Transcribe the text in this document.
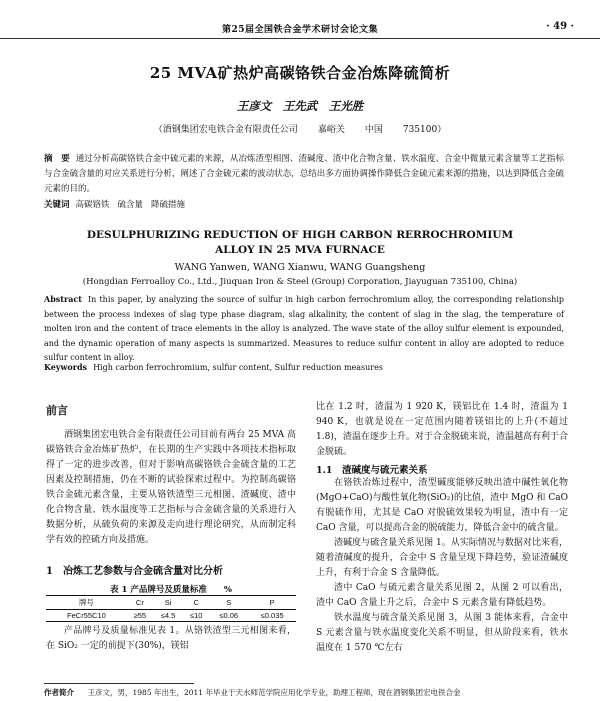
第25届全国铁合金学术研讨会论文集	· 49 ·
25 MVA矿热炉高碳铬铁合金冶炼降硫简析
王彦文　王先武　王光胜
（酒钢集团宏电铁合金有限责任公司 嘉峪关 中国 735100）
摘　要 通过分析高碳铬铁合金中硫元素的来源，从冶炼渣型相图、渣碱度、渣中化合物含量、铁水温度、合金中微量元素含量等工艺指标与合金硫含量的对应关系进行分析，阐述了合金硫元素的波动状态，总结出多方面协调操作降低合金硫元素来源的措施，以达到降低合金硫元素的目的。
关键词 高碳铬铁 硫含量 降硫措施
DESULPHURIZING REDUCTION OF HIGH CARBON RERROCHROMIUM
ALLOY IN 25 MVA FURNACE
WANG Yanwen, WANG Xianwu, WANG Guangsheng
(Hongdian Ferroalloy Co., Ltd., Jiuquan Iron & Steel (Group) Corporation, Jiayuguan 735100, China)
Abstract In this paper, by analyzing the source of sulfur in high carbon ferrochromium alloy, the corresponding relationship between the process indexes of slag type phase diagram, slag alkalinity, the content of slag in the slag, the temperature of molten iron and the content of trace elements in the alloy is analyzed. The wave state of the alloy sulfur element is expounded, and the dynamic operation of many aspects is summarized. Measures to reduce sulfur content in alloy are adopted to reduce sulfur content in alloy.
Keywords High carbon ferrochromium, sulfur content, Sulfur reduction measures
前言
酒钢集团宏电铁合金有限责任公司目前有两台 25 MVA 高碳铬铁合金冶炼矿热炉，在长期的生产实践中各项技术指标取得了一定的进步改善，但对于影响高碳铬铁合金硫含量的工艺因素及控制措施，仍在不断的试验探索过程中。为控制高碳铬铁合金硫元素含量，主要从铬铁渣型三元相图、渣碱度、渣中化合物含量、铁水温度等工艺指标与合金硫含量的关系进行入数据分析，从硫负荷的来源及走向进行理论研究，从而制定科学有效的控硫方向及措施。
1　冶炼工艺参数与合金硫含量对比分析
表 1 产品牌号及质量标准　　%
牌号	Cr	Si	C	S	P
FeCr55C10	≥55	≤4.5	≤10	≤0.06	≤0.035
产品牌号及质量标准见表 1。从铬铁渣型三元相图来看，在 SiO₂ 一定的前提下(30%)，镁铝
比在 1.2 时，渣温为 1 920 K，镁铝比在 1.4 时，渣温为 1 940 K，也就是说在一定范围内随着镁铝比的上升(不超过 1.8)，渣温在逐步上升。对于合金脱硫来说，渣温越高有利于合金脱硫。
1.1　渣碱度与硫元素关系
在铬铁冶炼过程中，渣型碱度能够反映出渣中碱性氧化物(MgO+CaO)与酸性氧化物(SiO₂)的比值，渣中 MgO 和 CaO 有脱硫作用，尤其是 CaO 对脱硫效果较为明显，渣中有一定 CaO 含量，可以提高合金的脱硫能力，降低合金中的硫含量。
渣碱度与硫含量关系见图 1。从实际情况与数据对比来看，随着渣碱度的提升，合金中 S 含量呈现下降趋势，验证渣碱度上升，有利于合金 S 含量降低。
渣中 CaO 与硫元素含量关系见图 2，从图 2 可以看出，渣中 CaO 含量上升之后，合金中 S 元素含量有降低趋势。
铁水温度与硫含量关系见图 3，从图 3 能体来看，合金中 S 元素含量与铁水温度变化关系不明显，但从阶段来看，铁水温度在 1 570 ℃左右
作者简介　 王彦文，男，1985 年出生，2011 年毕业于天水师范学院应用化学专业，助理工程师，现在酒钢集团宏电铁合金
